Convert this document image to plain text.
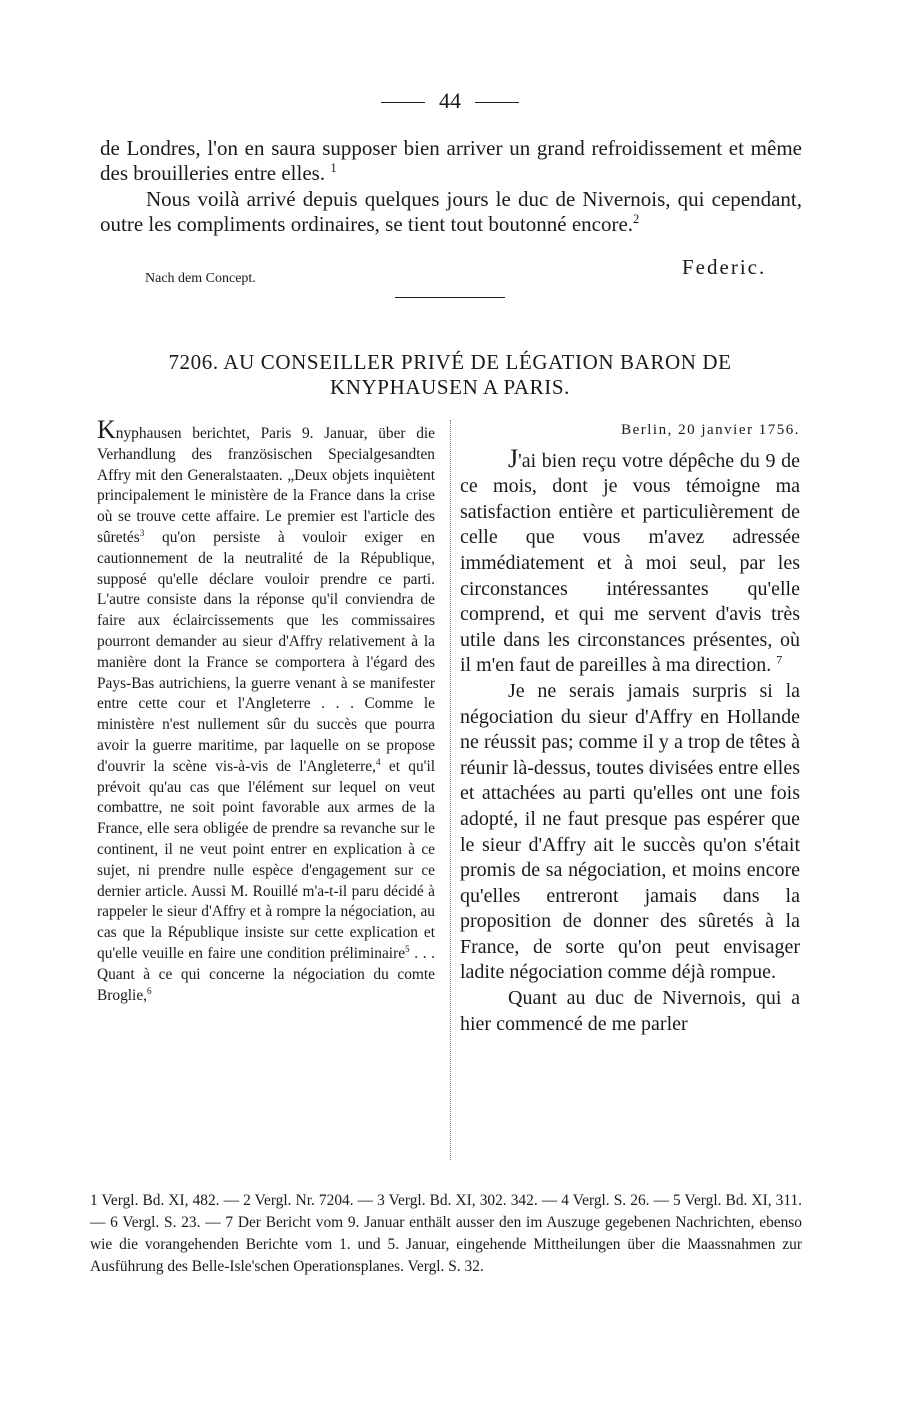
44

de Londres, l'on en saura supposer bien arriver un grand refroidissement et même des brouilleries entre elles. $^1$

Nous voilà arrivé depuis quelques jours le duc de Nivernois, qui cependant, outre les compliments ordinaires, se tient tout boutonné encore.$^2$

Federic.
Nach dem Concept.
7206. AU CONSEILLER PRIVÉ DE LÉGATION BARON DE KNYPHAUSEN A PARIS.

Knyphausen berichtet, Paris 9. Januar, über die Verhandlung des französischen Specialgesandten Affry mit den Generalstaaten. „Deux objets inquiètent principalement le ministère de la France dans la crise où se trouve cette affaire. Le premier est l'article des sûretés$^3$ qu'on persiste à vouloir exiger en cautionnement de la neutralité de la République, supposé qu'elle déclare vouloir prendre ce parti. L'autre consiste dans la réponse qu'il conviendra de faire aux éclaircissements que les commissaires pourront demander au sieur d'Affry relativement à la manière dont la France se comportera à l'égard des Pays-Bas autrichiens, la guerre venant à se manifester entre cette cour et l'Angleterre . . . Comme le ministère n'est nullement sûr du succès que pourra avoir la guerre maritime, par laquelle on se propose d'ouvrir la scène vis-à-vis de l'Angleterre,$^4$ et qu'il prévoit qu'au cas que l'élément sur lequel on veut combattre, ne soit point favorable aux armes de la France, elle sera obligée de prendre sa revanche sur le continent, il ne veut point entrer en explication à ce sujet, ni prendre nulle espèce d'engagement sur ce dernier article. Aussi M. Rouillé m'a-t-il paru décidé à rappeler le sieur d'Affry et à rompre la négociation, au cas que la République insiste sur cette explication et qu'elle veuille en faire une condition préliminaire$^5$ . . . Quant à ce qui concerne la négociation du comte Broglie,$^6$

Berlin, 20 janvier 1756.

J'ai bien reçu votre dépêche du 9 de ce mois, dont je vous témoigne ma satisfaction entière et particulièrement de celle que vous m'avez adressée immédiatement et à moi seul, par les circonstances intéressantes qu'elle comprend, et qui me servent d'avis très utile dans les circonstances présentes, où il m'en faut de pareilles à ma direction. $^7$

Je ne serais jamais surpris si la négociation du sieur d'Affry en Hollande ne réussit pas; comme il y a trop de têtes à réunir là-dessus, toutes divisées entre elles et attachées au parti qu'elles ont une fois adopté, il ne faut presque pas espérer que le sieur d'Affry ait le succès qu'on s'était promis de sa négociation, et moins encore qu'elles entreront jamais dans la proposition de donner des sûretés à la France, de sorte qu'on peut envisager ladite négociation comme déjà rompue.

Quant au duc de Nivernois, qui a hier commencé de me parler

1 Vergl. Bd. XI, 482. — 2 Vergl. Nr. 7204. — 3 Vergl. Bd. XI, 302. 342. — 4 Vergl. S. 26. — 5 Vergl. Bd. XI, 311. — 6 Vergl. S. 23. — 7 Der Bericht vom 9. Januar enthält ausser den im Auszuge gegebenen Nachrichten, ebenso wie die vorangehenden Berichte vom 1. und 5. Januar, eingehende Mittheilungen über die Maassnahmen zur Ausführung des Belle-Isle'schen Operationsplanes. Vergl. S. 32.
